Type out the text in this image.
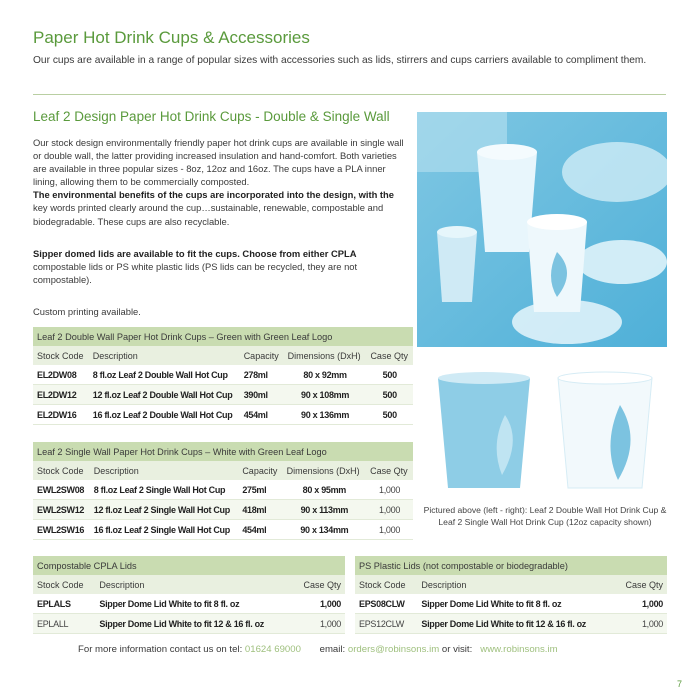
Paper Hot Drink Cups & Accessories
Our cups are available in a range of popular sizes with accessories such as lids, stirrers and cups carriers available to compliment them.
Leaf 2 Design Paper Hot Drink Cups - Double & Single Wall

Our stock design environmentally friendly paper hot drink cups are available in single wall or double wall, the latter providing increased insulation and hand-comfort. Both varieties are available in three popular sizes - 8oz, 12oz and 16oz. The cups have a PLA inner lining, allowing them to be commercially composted.
The environmental benefits of the cups are incorporated into the design, with the
key words printed clearly around the cup…sustainable, renewable, compostable and biodegradable. These cups are also recyclable.

Sipper domed lids are available to fit the cups. Choose from either CPLA
compostable lids or PS white plastic lids (PS lids can be recycled, they are not compostable).

Custom printing available.
Pictured above (left - right): Leaf 2 Double Wall Hot Drink Cup & Leaf 2 Single Wall Hot Drink Cup (12oz capacity shown)
Leaf 2 Double Wall Paper Hot Drink Cups – Green with Green Leaf Logo				
Stock Code	Description	Capacity	Dimensions (DxH)	Case Qty
EL2DW08	8 fl.oz Leaf 2 Double Wall Hot Cup	278ml	80 x 92mm	500
EL2DW12	12 fl.oz Leaf 2 Double Wall Hot Cup	390ml	90 x 108mm	500
EL2DW16	16 fl.oz Leaf 2 Double Wall Hot Cup	454ml	90 x 136mm	500
Leaf 2 Single Wall Paper Hot Drink Cups – White with Green Leaf Logo				
Stock Code	Description	Capacity	Dimensions (DxH)	Case Qty
EWL2SW08	8 fl.oz Leaf 2 Single Wall Hot Cup	275ml	80 x 95mm	1,000
EWL2SW12	12 fl.oz Leaf 2 Single Wall Hot Cup	418ml	90 x 113mm	1,000
EWL2SW16	16 fl.oz Leaf 2 Single Wall Hot Cup	454ml	90 x 134mm	1,000
Compostable CPLA Lids		
Stock Code	Description	Case Qty
EPLALS	Sipper Dome Lid White to fit 8 fl. oz	1,000
EPLALL	Sipper Dome Lid White to fit 12 & 16 fl. oz	1,000
PS Plastic Lids (not compostable or biodegradable)		
Stock Code	Description	Case Qty
EPS08CLW	Sipper Dome Lid White to fit 8 fl. oz	1,000
EPS12CLW	Sipper Dome Lid White to fit 12 & 16 fl. oz	1,000
For more information contact us on tel: 01624 69000 email: orders@robinsons.im or visit: www.robinsons.im
7
